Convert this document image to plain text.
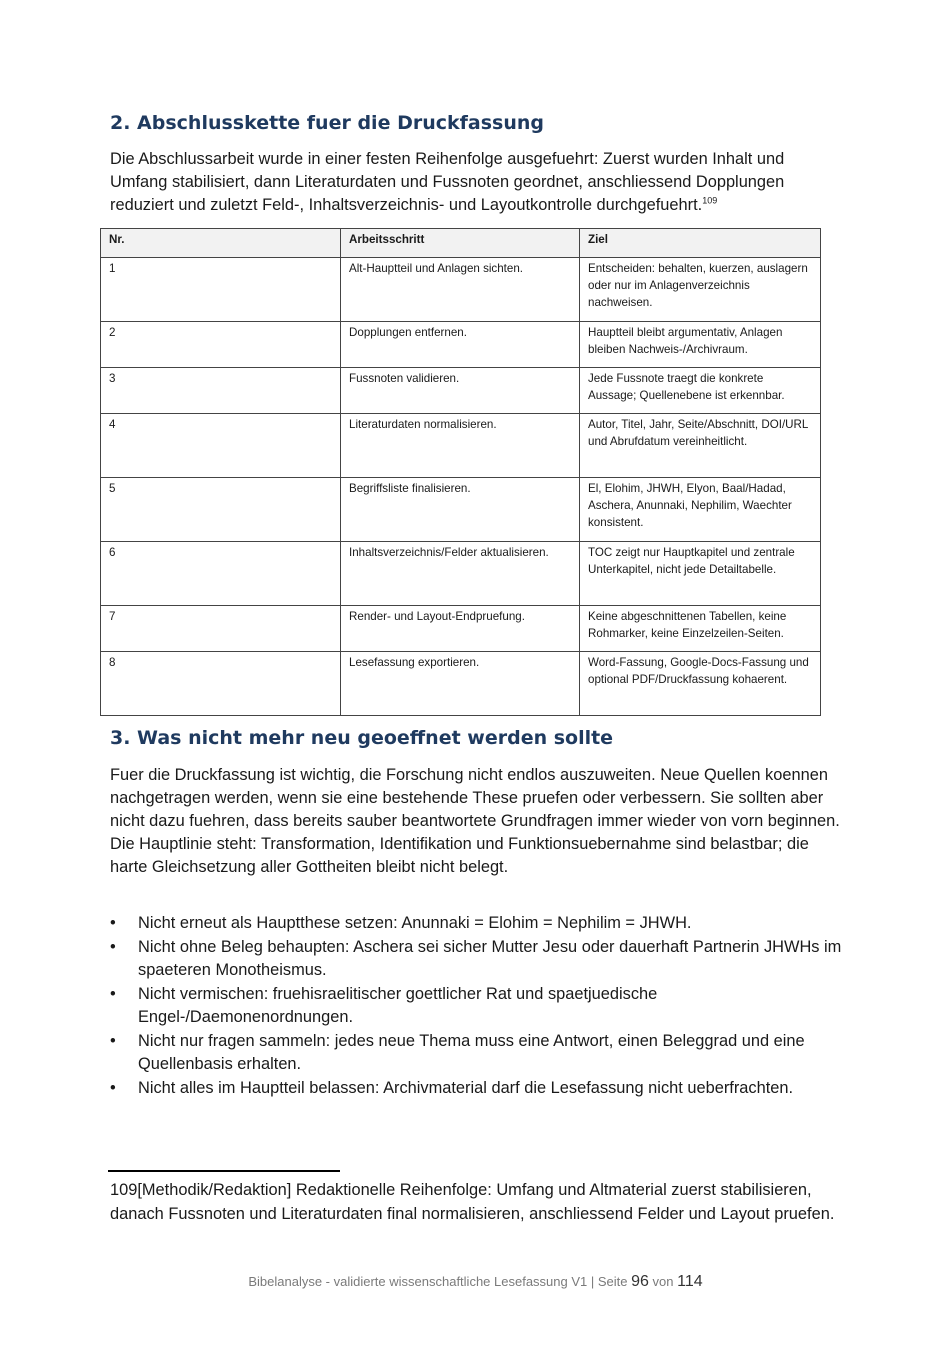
2. Abschlusskette fuer die Druckfassung

Die Abschlussarbeit wurde in einer festen Reihenfolge ausgefuehrt: Zuerst wurden Inhalt und Umfang stabilisiert, dann Literaturdaten und Fussnoten geordnet, anschliessend Dopplungen reduziert und zuletzt Feld-, Inhaltsverzeichnis- und Layoutkontrolle durchgefuehrt.$^{109}$

Nr.	Arbeitsschritt	Ziel
1	Alt-Hauptteil und Anlagen sichten.	Entscheiden: behalten, kuerzen, auslagern oder nur im Anlagenverzeichnis nachweisen.
2	Dopplungen entfernen.	Hauptteil bleibt argumentativ, Anlagen bleiben Nachweis-/Archivraum.
3	Fussnoten validieren.	Jede Fussnote traegt die konkrete Aussage; Quellenebene ist erkennbar.
4	Literaturdaten normalisieren.	Autor, Titel, Jahr, Seite/Abschnitt, DOI/URL und Abrufdatum vereinheitlicht.
5	Begriffsliste finalisieren.	El, Elohim, JHWH, Elyon, Baal/Hadad, Aschera, Anunnaki, Nephilim, Waechter konsistent.
6	Inhaltsverzeichnis/Felder aktualisieren.	TOC zeigt nur Hauptkapitel und zentrale Unterkapitel, nicht jede Detailtabelle.
7	Render- und Layout-Endpruefung.	Keine abgeschnittenen Tabellen, keine Rohmarker, keine Einzelzeilen-Seiten.
8	Lesefassung exportieren.	Word-Fassung, Google-Docs-Fassung und optional PDF/Druckfassung kohaerent.
3. Was nicht mehr neu geoeffnet werden sollte

Fuer die Druckfassung ist wichtig, die Forschung nicht endlos auszuweiten. Neue Quellen koennen nachgetragen werden, wenn sie eine bestehende These pruefen oder verbessern. Sie sollten aber nicht dazu fuehren, dass bereits sauber beantwortete Grundfragen immer wieder von vorn beginnen. Die Hauptlinie steht: Transformation, Identifikation und Funktionsuebernahme sind belastbar; die harte Gleichsetzung aller Gottheiten bleibt nicht belegt.

• Nicht erneut als Hauptthese setzen: Anunnaki = Elohim = Nephilim = JHWH.
• Nicht ohne Beleg behaupten: Aschera sei sicher Mutter Jesu oder dauerhaft Partnerin JHWHs im spaeteren Monotheismus.
• Nicht vermischen: fruehisraelitischer goettlicher Rat und spaetjuedische Engel-/Daemonenordnungen.
• Nicht nur fragen sammeln: jedes neue Thema muss eine Antwort, einen Beleggrad und eine Quellenbasis erhalten.
• Nicht alles im Hauptteil belassen: Archivmaterial darf die Lesefassung nicht ueberfrachten.

109[Methodik/Redaktion] Redaktionelle Reihenfolge: Umfang und Altmaterial zuerst stabilisieren, danach Fussnoten und Literaturdaten final normalisieren, anschliessend Felder und Layout pruefen.

Bibelanalyse - validierte wissenschaftliche Lesefassung V1 | Seite 96 von 114
